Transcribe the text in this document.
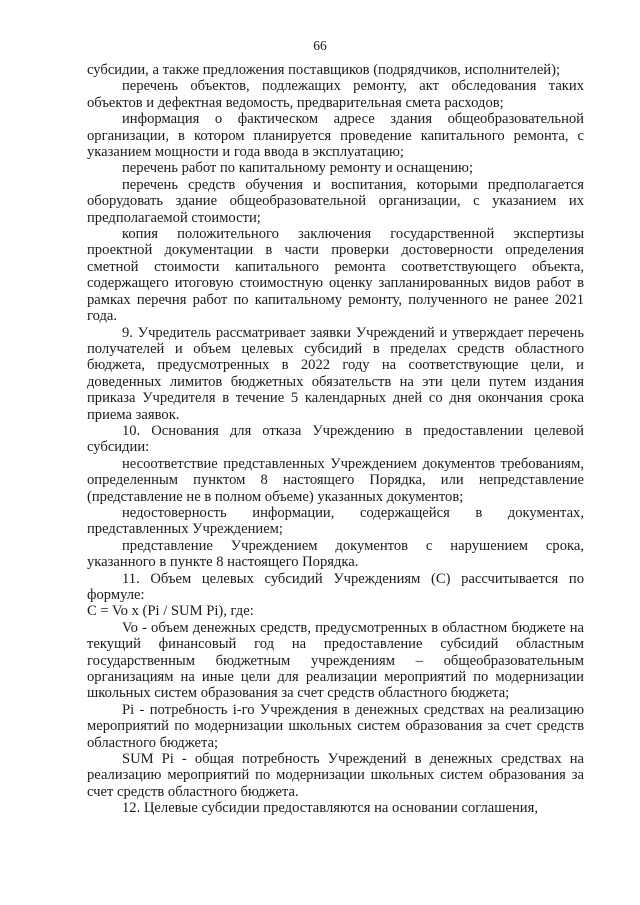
66

субсидии, а также предложения поставщиков (подрядчиков, исполнителей);

перечень объектов, подлежащих ремонту, акт обследования таких объектов и дефектная ведомость, предварительная смета расходов;

информация о фактическом адресе здания общеобразовательной организации, в котором планируется проведение капитального ремонта, с указанием мощности и года ввода в эксплуатацию;

перечень работ по капитальному ремонту и оснащению;

перечень средств обучения и воспитания, которыми предполагается оборудовать здание общеобразовательной организации, с указанием их предполагаемой стоимости;

копия положительного заключения государственной экспертизы проектной документации в части проверки достоверности определения сметной стоимости капитального ремонта соответствующего объекта, содержащего итоговую стоимостную оценку запланированных видов работ в рамках перечня работ по капитальному ремонту, полученного не ранее 2021 года.

9. Учредитель рассматривает заявки Учреждений и утверждает перечень получателей и объем целевых субсидий в пределах средств областного бюджета, предусмотренных в 2022 году на соответствующие цели, и доведенных лимитов бюджетных обязательств на эти цели путем издания приказа Учредителя в течение 5 календарных дней со дня окончания срока приема заявок.

10. Основания для отказа Учреждению в предоставлении целевой субсидии:

несоответствие представленных Учреждением документов требованиям, определенным пунктом 8 настоящего Порядка, или непредставление (представление не в полном объеме) указанных документов;

недостоверность информации, содержащейся в документах, представленных Учреждением;

представление Учреждением документов с нарушением срока, указанного в пункте 8 настоящего Порядка.

11. Объем целевых субсидий Учреждениям (C) рассчитывается по формуле:

C = Vo x (Pi / SUM Pi), где:

Vo - объем денежных средств, предусмотренных в областном бюджете на текущий финансовый год на предоставление субсидий областным государственным бюджетным учреждениям – общеобразовательным организациям на иные цели для реализации мероприятий по модернизации школьных систем образования за счет средств областного бюджета;

Pi - потребность i-го Учреждения в денежных средствах на реализацию мероприятий по модернизации школьных систем образования за счет средств областного бюджета;

SUM Pi - общая потребность Учреждений в денежных средствах на реализацию мероприятий по модернизации школьных систем образования за счет средств областного бюджета.

12. Целевые субсидии предоставляются на основании соглашения,
